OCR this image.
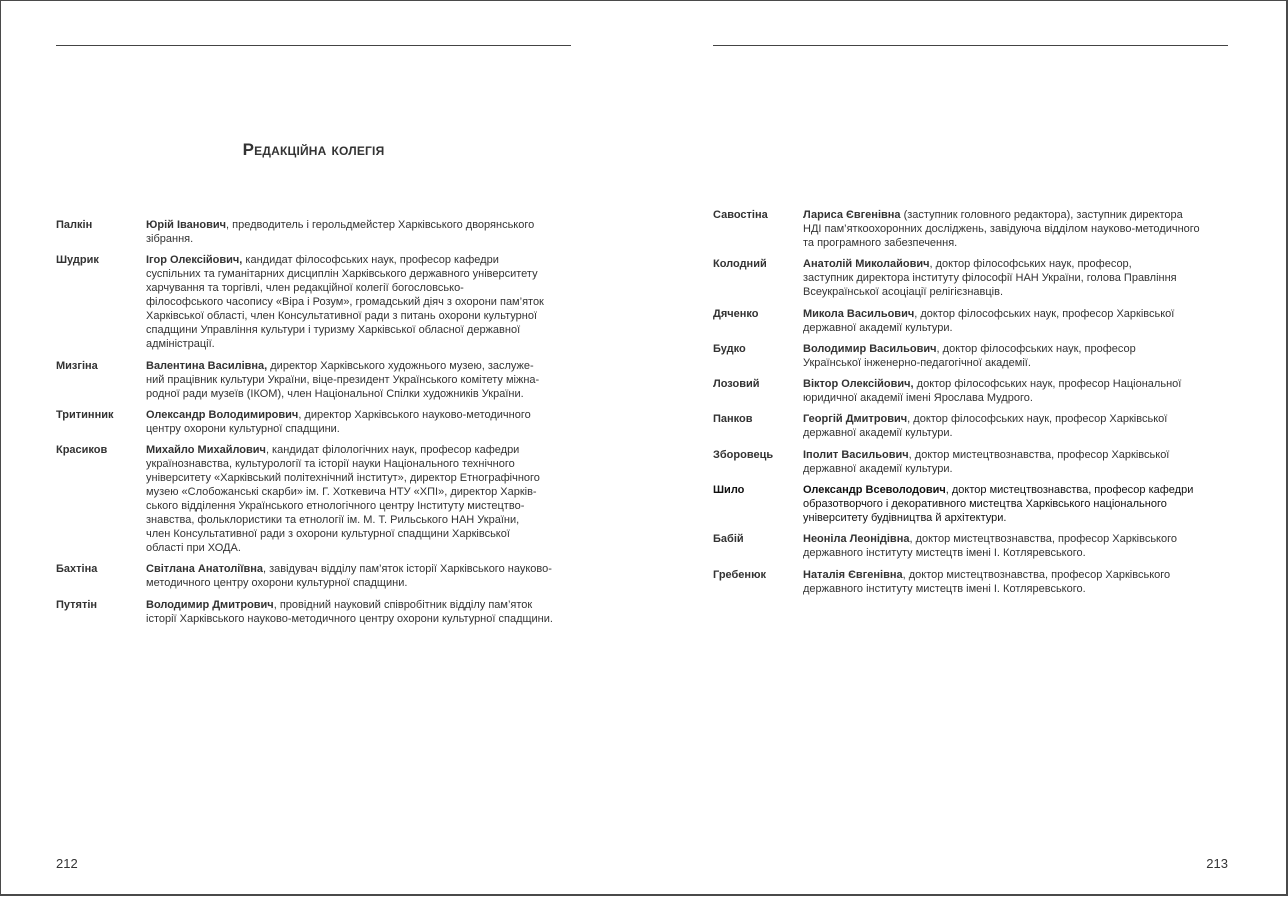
Редакційна колегія
Палкін	Юрій Іванович, предводитель і герольдмейстер Харківського дворянського
зібрання.
Шудрик	Ігор Олексійович, кандидат філософських наук, професор кафедри
суспільних та гуманітарних дисциплін Харківського державного університету
харчування та торгівлі, член редакційної колегії богословсько-
філософського часопису «Віра і Розум», громадський діяч з охорони пам’яток
Харківської області, член Консультативної ради з питань охорони культурної
спадщини Управління культури і туризму Харківської обласної державної
адміністрації.
Мизгіна	Валентина Василівна, директор Харківського художнього музею, заслуже-
ний працівник культури України, віце-президент Українського комітету міжна-
родної ради музеїв (ІКОМ), член Національної Спілки художників України.
Тритинник	Олександр Володимирович, директор Харківського науково-методичного
центру охорони культурної спадщини.
Красиков	Михайло Михайлович, кандидат філологічних наук, професор кафедри
українознавства, культурології та історії науки Національного технічного
університету «Харківський політехнічний інститут», директор Етнографічного
музею «Слобожанські скарби» ім. Г. Хоткевича НТУ «ХПІ», директор Харків-
ського відділення Українського етнологічного центру Інституту мистецтво-
знавства, фольклористики та етнології ім. М. Т. Рильського НАН України,
член Консультативної ради з охорони культурної спадщини Харківської
області при ХОДА.
Бахтіна	Світлана Анатоліївна, завідувач відділу пам’яток історії Харківського науково-
методичного центру охорони культурної спадщини.
Путятін	Володимир Дмитрович, провідний науковий співробітник відділу пам’яток
історії Харківського науково-методичного центру охорони культурної спадщини.
212
Савостіна	Лариса Євгенівна (заступник головного редактора), заступник директора
НДІ пам’яткоохоронних досліджень, завідуюча відділом науково-методичного
та програмного забезпечення.
Колодний	Анатолій Миколайович, доктор філософських наук, професор,
заступник директора інституту філософії НАН України, голова Правління
Всеукраїнської асоціації релігієзнавців.
Дяченко	Микола Васильович, доктор філософських наук, професор Харківської
державної академії культури.
Будко	Володимир Васильович, доктор філософських наук, професор
Української інженерно-педагогічної академії.
Лозовий	Віктор Олексійович, доктор філософських наук, професор Національної
юридичної академії імені Ярослава Мудрого.
Панков	Георгій Дмитрович, доктор філософських наук, професор Харківської
державної академії культури.
Зборовець	Іполит Васильович, доктор мистецтвознавства, професор Харківської
державної академії культури.
Шило	Олександр Всеволодович, доктор мистецтвознавства, професор кафедри
образотворчого і декоративного мистецтва Харківського національного
університету будівництва й архітектури.
Бабій	Неоніла Леонідівна, доктор мистецтвознавства, професор Харківського
державного інституту мистецтв імені І. Котляревського.
Гребенюк	Наталія Євгенівна, доктор мистецтвознавства, професор Харківського
державного інституту мистецтв імені І. Котляревського.
213
